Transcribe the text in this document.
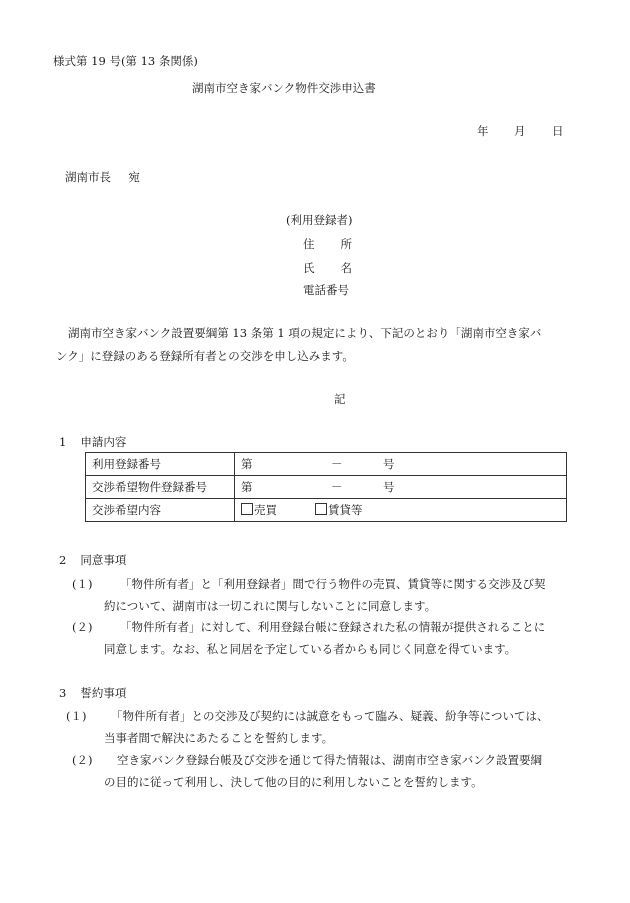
様式第 19 号(第 13 条関係)
湖南市空き家バンク物件交渉申込書
年 月 日
湖南市長 宛
(利用登録者)
住 所
氏 名
電話番号
湖南市空き家バンク設置要綱第 13 条第 1 項の規定により、下記のとおり「湖南市空き家バ
ンク」に登録のある登録所有者との交渉を申し込みます。
記
1 申請内容
利用登録番号	第 － 号
交渉希望物件登録番号	第 － 号
交渉希望内容	売買 賃貸等
2 同意事項
(１) 「物件所有者」と「利用登録者」間で行う物件の売買、賃貸等に関する交渉及び契
約について、湖南市は一切これに関与しないことに同意します。
(２) 「物件所有者」に対して、利用登録台帳に登録された私の情報が提供されることに
同意します。なお、私と同居を予定している者からも同じく同意を得ています。
3 誓約事項
(１) 「物件所有者」との交渉及び契約には誠意をもって臨み、疑義、紛争等については、
当事者間で解決にあたることを誓約します。
(２) 空き家バンク登録台帳及び交渉を通じて得た情報は、湖南市空き家バンク設置要綱
の目的に従って利用し、決して他の目的に利用しないことを誓約します。
